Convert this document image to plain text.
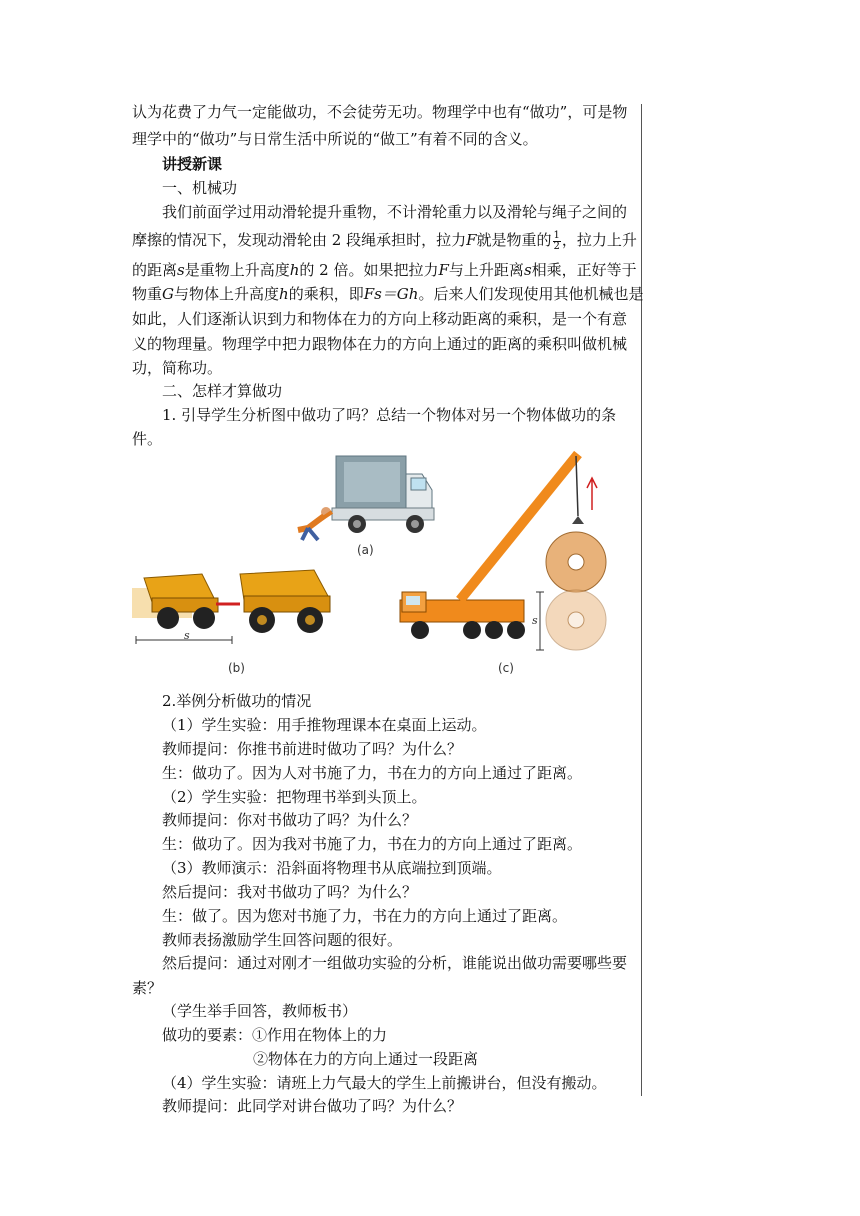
认为花费了力气一定能做功，不会徒劳无功。物理学中也有“做功”，可是物
理学中的“做功”与日常生活中所说的“做工”有着不同的含义。
讲授新课
一、机械功
我们前面学过用动滑轮提升重物，不计滑轮重力以及滑轮与绳子之间的
摩擦的情况下，发现动滑轮由 2 段绳承担时，拉力F就是物重的 $\frac{1}{2}$ ，拉力上升
的距离s是重物上升高度h的 2 倍。如果把拉力F与上升距离s相乘，正好等于
物重G与物体上升高度h的乘积，即Fs＝Gh。后来人们发现使用其他机械也是
如此，人们逐渐认识到力和物体在力的方向上移动距离的乘积，是一个有意
义的物理量。物理学中把力跟物体在力的方向上通过的距离的乘积叫做机械
功，简称功。
二、怎样才算做功
1. 引导学生分析图中做功了吗？总结一个物体对另一个物体做功的条
件。
(a)
s
(b)
s
(c)
2.举例分析做功的情况
（1）学生实验：用手推物理课本在桌面上运动。
教师提问：你推书前进时做功了吗？为什么？
生：做功了。因为人对书施了力，书在力的方向上通过了距离。
（2）学生实验：把物理书举到头顶上。
教师提问：你对书做功了吗？为什么？
生：做功了。因为我对书施了力，书在力的方向上通过了距离。
（3）教师演示：沿斜面将物理书从底端拉到顶端。
然后提问：我对书做功了吗？为什么？
生：做了。因为您对书施了力，书在力的方向上通过了距离。
教师表扬激励学生回答问题的很好。
然后提问：通过对刚才一组做功实验的分析，谁能说出做功需要哪些要
素？
（学生举手回答，教师板书）
做功的要素：①作用在物体上的力
②物体在力的方向上通过一段距离
（4）学生实验：请班上力气最大的学生上前搬讲台，但没有搬动。
教师提问：此同学对讲台做功了吗？为什么？
